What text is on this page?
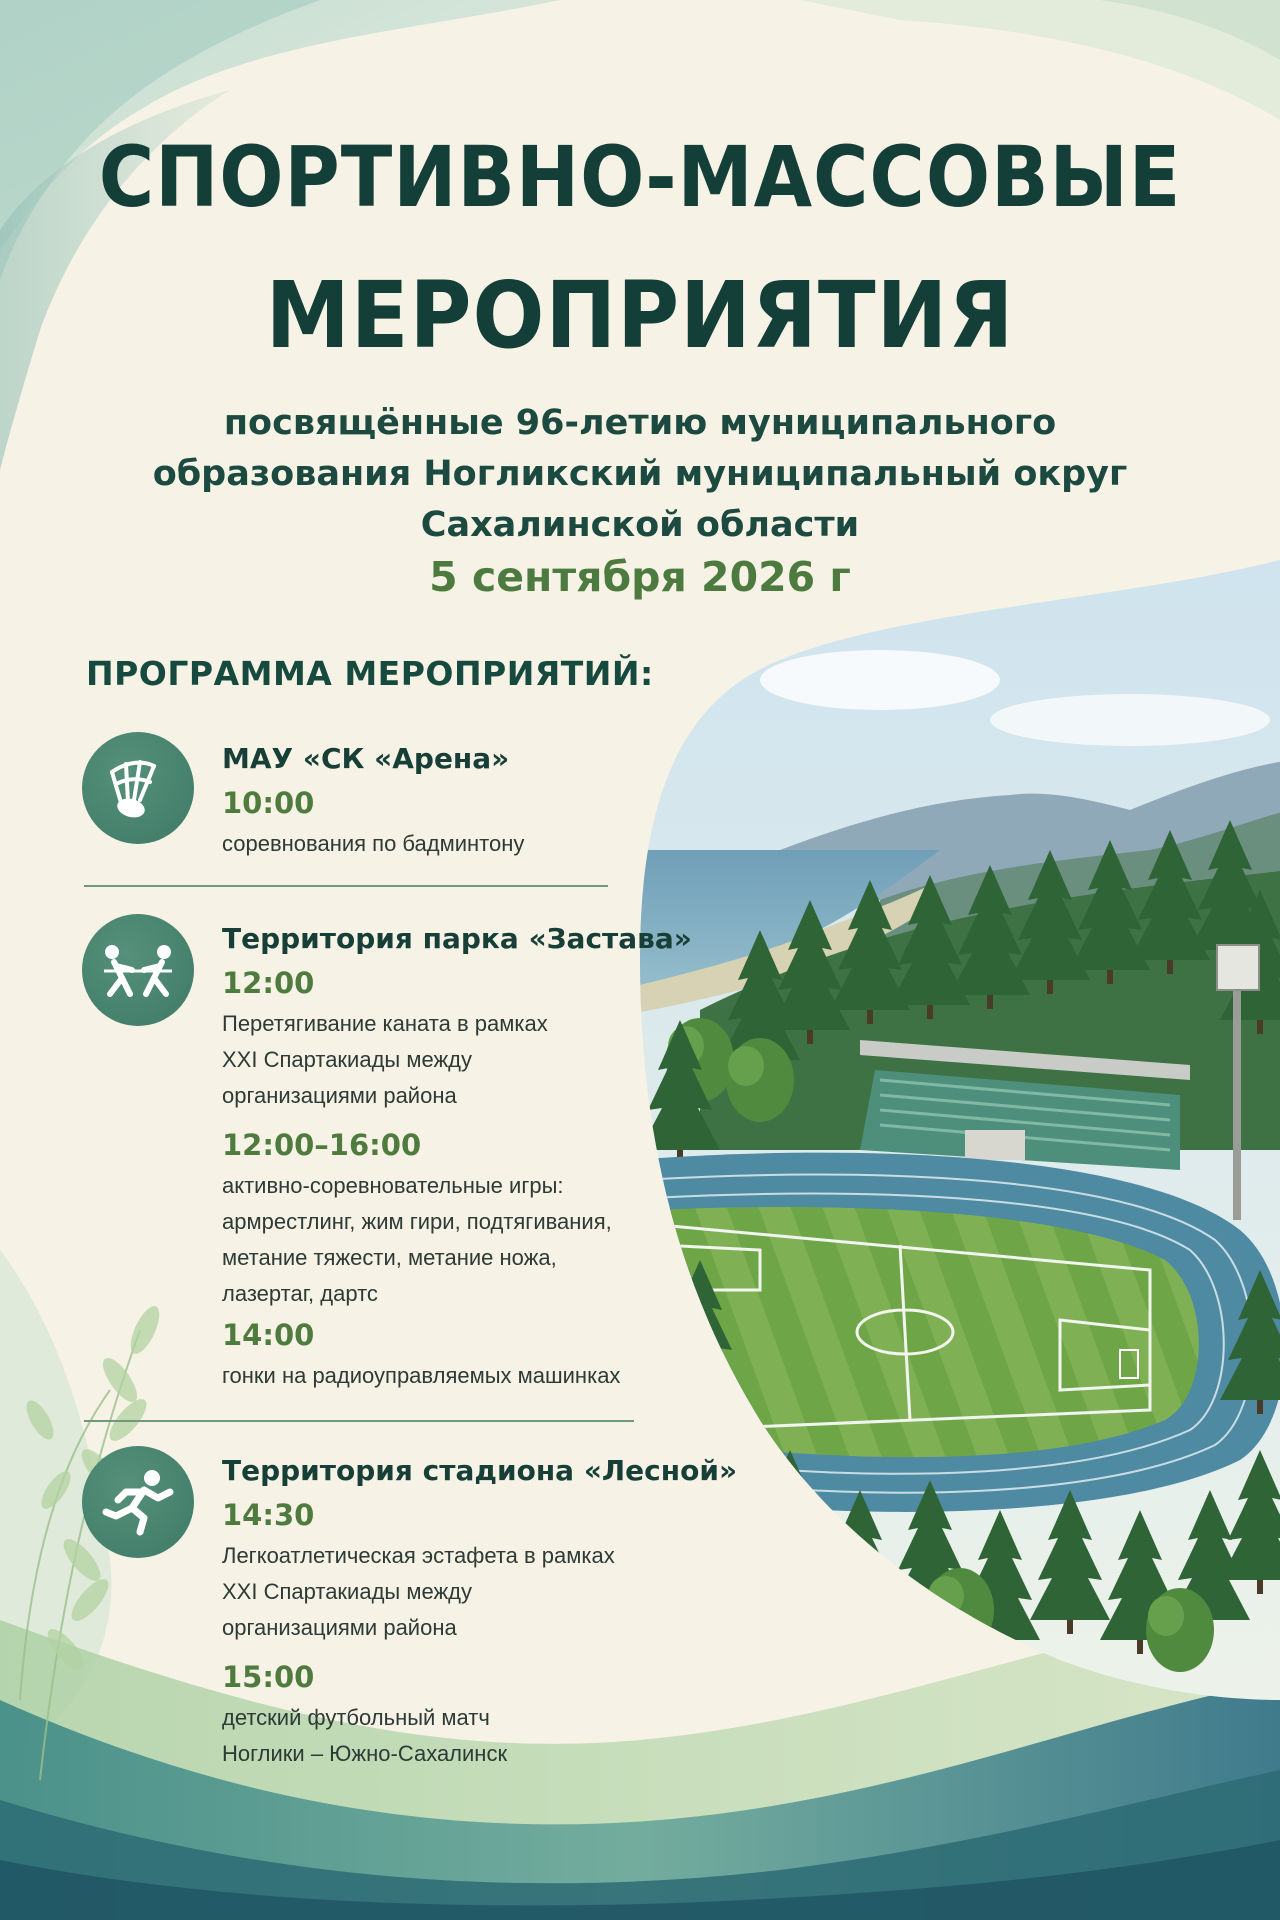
СПОРТИВНО-МАССОВЫЕ
МЕРОПРИЯТИЯ
посвящённые 96-летию муниципального
образования Ногликский муниципальный округ
Сахалинской области
5 сентября 2026 г
ПРОГРАММА МЕРОПРИЯТИЙ:
МАУ «СК «Арена»
10:00
соревнования по бадминтону
Территория парка «Застава»
12:00
Перетягивание каната в рамках
XXI Спартакиады между
организациями района
12:00–16:00
активно-соревновательные игры:
армрестлинг, жим гири, подтягивания,
метание тяжести, метание ножа,
лазертаг, дартс
14:00
гонки на радиоуправляемых машинках
Территория стадиона «Лесной»
14:30
Легкоатлетическая эстафета в рамках
XXI Спартакиады между
организациями района
15:00
детский футбольный матч
Ноглики – Южно-Сахалинск
